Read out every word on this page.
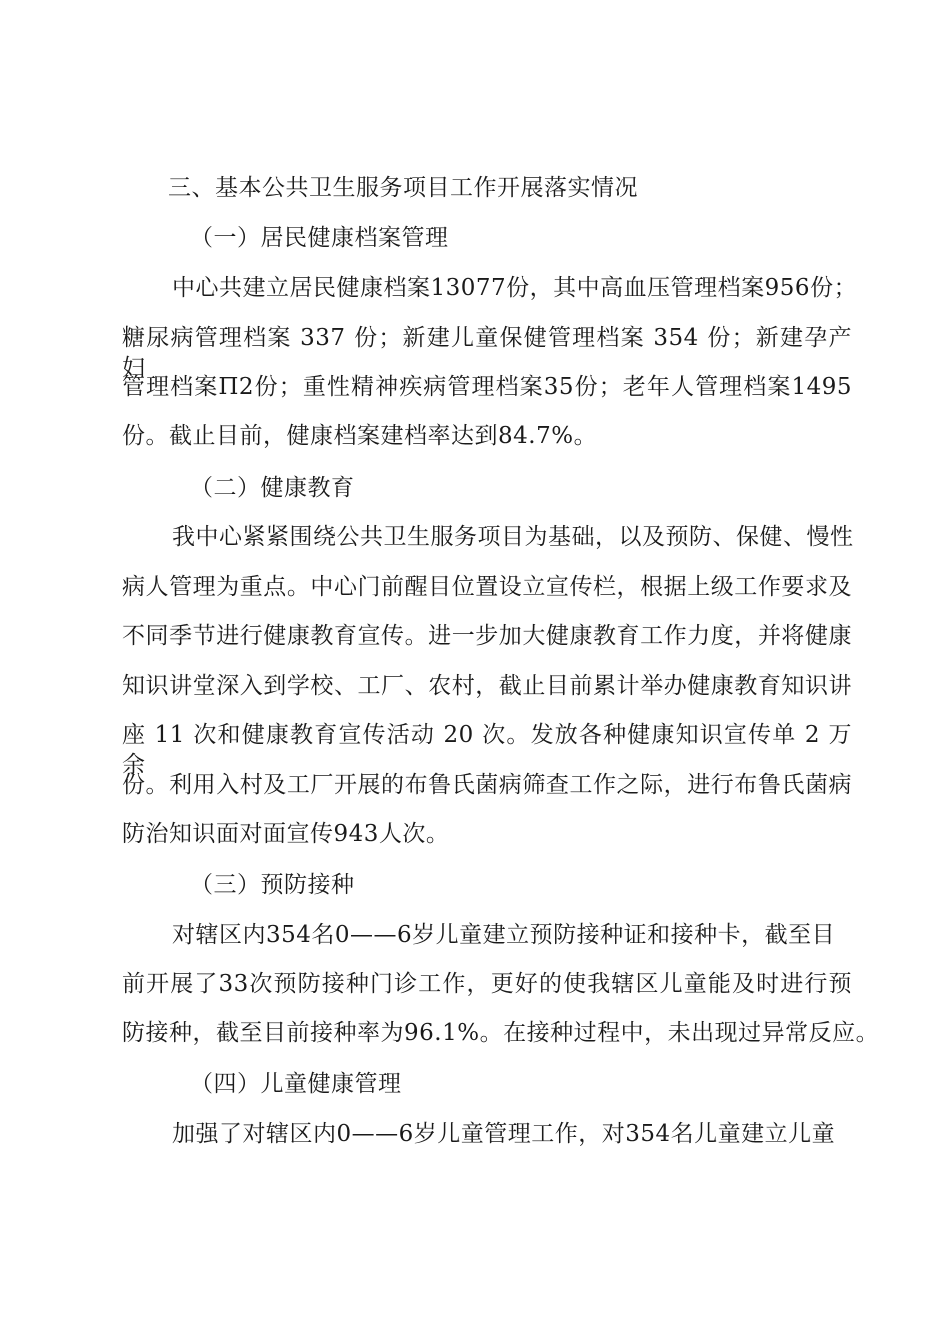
三、基本公共卫生服务项目工作开展落实情况
（一）居民健康档案管理
中心共建立居民健康档案13077份，其中高血压管理档案956份；
糖尿病管理档案 337 份；新建儿童保健管理档案 354 份；新建孕产妇
管理档案Π2份；重性精神疾病管理档案35份；老年人管理档案1495
份。截止目前，健康档案建档率达到84.7%。
（二）健康教育
我中心紧紧围绕公共卫生服务项目为基础，以及预防、保健、慢性
病人管理为重点。中心门前醒目位置设立宣传栏，根据上级工作要求及
不同季节进行健康教育宣传。进一步加大健康教育工作力度，并将健康
知识讲堂深入到学校、工厂、农村，截止目前累计举办健康教育知识讲
座 11 次和健康教育宣传活动 20 次。发放各种健康知识宣传单 2 万余
份。利用入村及工厂开展的布鲁氏菌病筛查工作之际，进行布鲁氏菌病
防治知识面对面宣传943人次。
（三）预防接种
对辖区内354名0——6岁儿童建立预防接种证和接种卡，截至目
前开展了33次预防接种门诊工作，更好的使我辖区儿童能及时进行预
防接种，截至目前接种率为96.1%。在接种过程中，未出现过异常反应。
（四）儿童健康管理
加强了对辖区内0——6岁儿童管理工作，对354名儿童建立儿童
